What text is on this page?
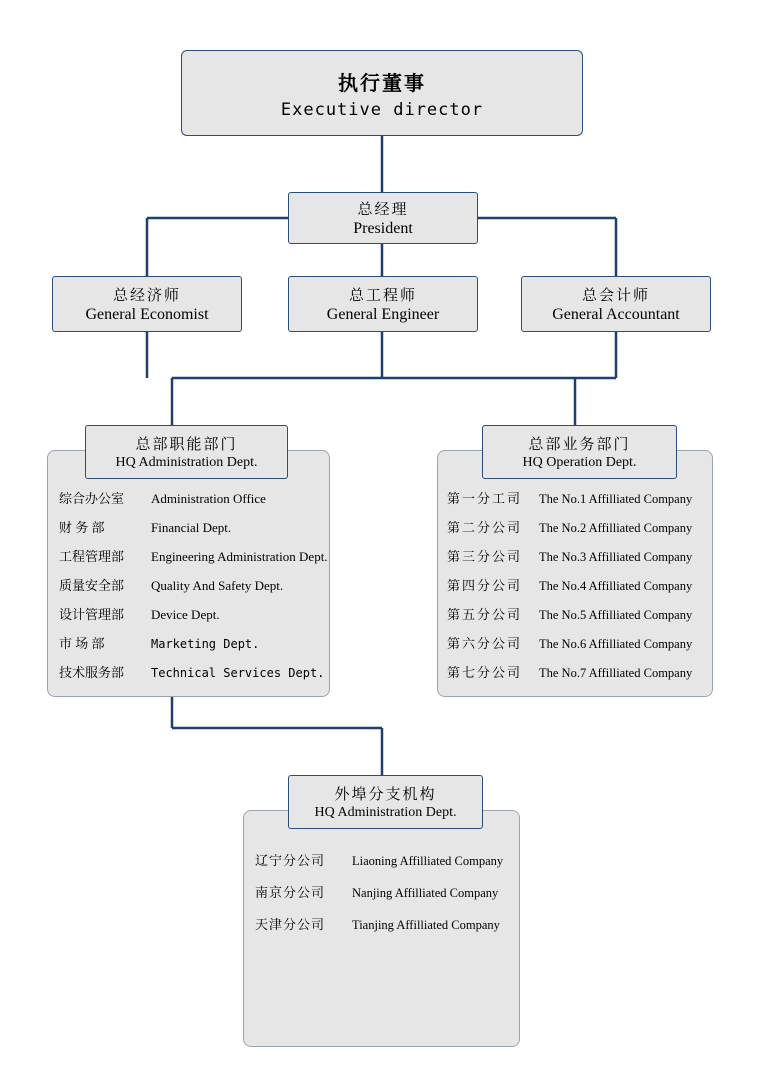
执行董事
Executive director
总经理
President
总经济师
General Economist
总工程师
General Engineer
总会计师
General Accountant
总部职能部门
HQ Administration Dept.
综合办公室	Administration Office
财 务 部	Financial Dept.
工程管理部	Engineering Administration Dept.
质量安全部	Quality And Safety Dept.
设计管理部	Device Dept.
市 场 部	Marketing Dept.
技术服务部	Technical Services Dept.
总部业务部门
HQ Operation Dept.
第一分工司	The No.1 Affilliated Company
第二分公司	The No.2 Affilliated Company
第三分公司	The No.3 Affilliated Company
第四分公司	The No.4 Affilliated Company
第五分公司	The No.5 Affilliated Company
第六分公司	The No.6 Affilliated Company
第七分公司	The No.7 Affilliated Company
外埠分支机构
HQ Administration Dept.
辽宁分公司	Liaoning Affilliated Company
南京分公司	Nanjing Affilliated Company
天津分公司	Tianjing Affilliated Company
